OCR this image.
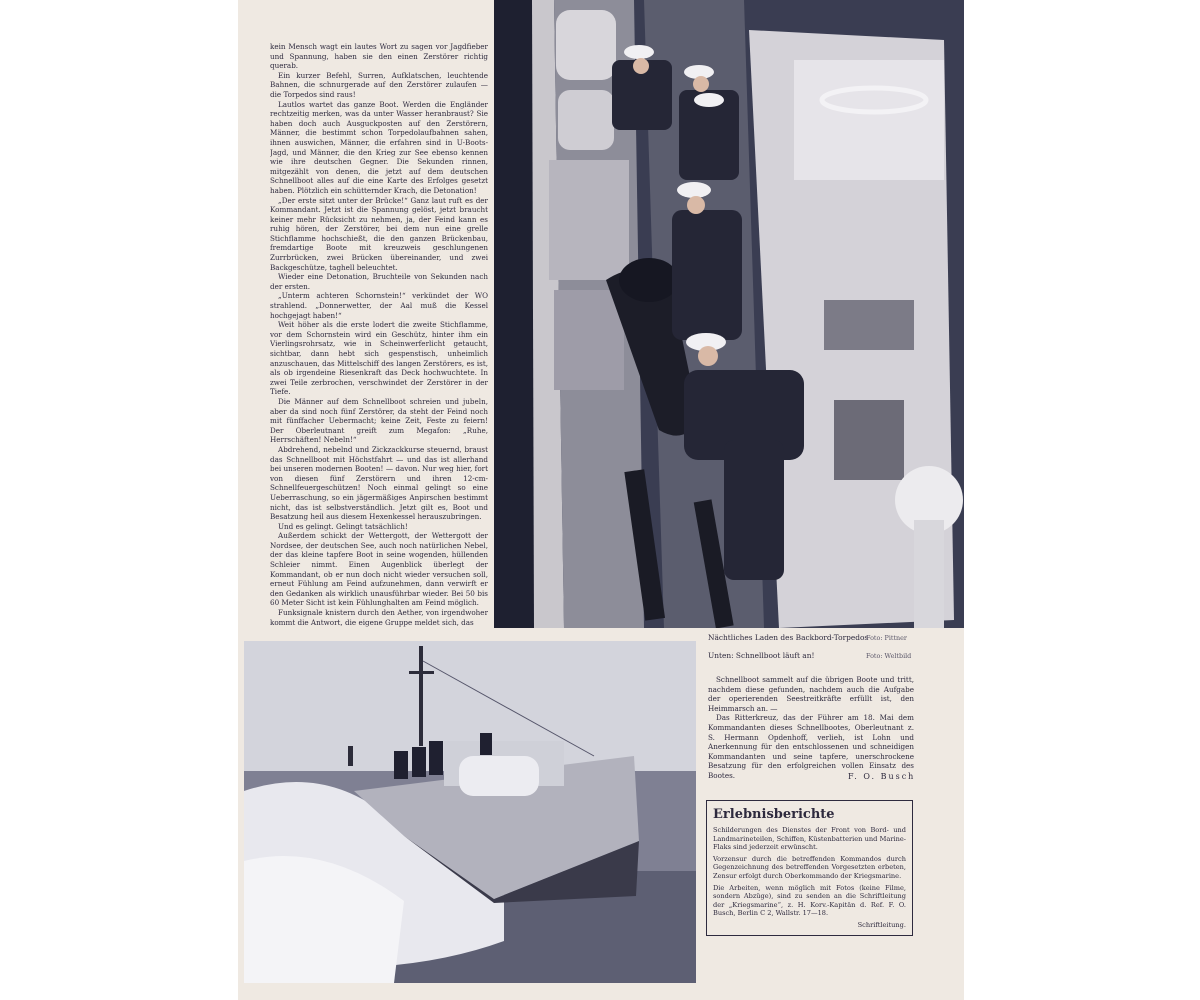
kein Mensch wagt ein lautes Wort zu sagen vor Jagdfieber und Spannung, haben sie den einen Zerstörer richtig querab.

Ein kurzer Befehl, Surren, Aufklatschen, leuchtende Bahnen, die schnurgerade auf den Zerstörer zulaufen — die Torpedos sind raus!

Lautlos wartet das ganze Boot. Werden die Engländer rechtzeitig merken, was da unter Wasser heranbraust? Sie haben doch auch Ausguckposten auf den Zerstörern, Männer, die bestimmt schon Torpedolaufbahnen sahen, ihnen auswichen, Männer, die erfahren sind in U-Boots-Jagd, und Männer, die den Krieg zur See ebenso kennen wie ihre deutschen Gegner. Die Sekunden rinnen, mitgezählt von denen, die jetzt auf dem deutschen Schnellboot alles auf die eine Karte des Erfolges gesetzt haben. Plötzlich ein schütternder Krach, die Detonation!

„Der erste sitzt unter der Brücke!“ Ganz laut ruft es der Kommandant. Jetzt ist die Spannung gelöst, jetzt braucht keiner mehr Rücksicht zu nehmen, ja, der Feind kann es ruhig hören, der Zerstörer, bei dem nun eine grelle Stichflamme hochschießt, die den ganzen Brückenbau, fremdartige Boote mit kreuzweis geschlungenen Zurrbrücken, zwei Brücken übereinander, und zwei Backgeschütze, taghell beleuchtet.

Wieder eine Detonation, Bruchteile von Sekunden nach der ersten.

„Unterm achteren Schornstein!“ verkündet der WO strahlend. „Donnerwetter, der Aal muß die Kessel hochgejagt haben!“

Weit höher als die erste lodert die zweite Stichflamme, vor dem Schornstein wird ein Geschütz, hinter ihm ein Vierlingsrohrsatz, wie in Scheinwerferlicht getaucht, sichtbar, dann hebt sich gespenstisch, unheimlich anzuschauen, das Mittelschiff des langen Zerstörers, es ist, als ob irgendeine Riesenkraft das Deck hochwuchtete. In zwei Teile zerbrochen, verschwindet der Zerstörer in der Tiefe.

Die Männer auf dem Schnellboot schreien und jubeln, aber da sind noch fünf Zerstörer, da steht der Feind noch mit fünffacher Uebermacht; keine Zeit, Feste zu feiern! Der Oberleutnant greift zum Megafon: „Ruhe, Herrschäften! Nebeln!“

Abdrehend, nebelnd und Zickzackkurse steuernd, braust das Schnellboot mit Höchstfahrt — und das ist allerhand bei unseren modernen Booten! — davon. Nur weg hier, fort von diesen fünf Zerstörern und ihren 12-cm-Schnellfeuergeschützen! Noch einmal gelingt so eine Ueberraschung, so ein jägermäßiges Anpirschen bestimmt nicht, das ist selbstverständlich. Jetzt gilt es, Boot und Besatzung heil aus diesem Hexenkessel herauszubringen.

Und es gelingt. Gelingt tatsächlich!

Außerdem schickt der Wettergott, der Wettergott der Nordsee, der deutschen See, auch noch natürlichen Nebel, der das kleine tapfere Boot in seine wogenden, hüllenden Schleier nimmt. Einen Augenblick überlegt der Kommandant, ob er nun doch nicht wieder versuchen soll, erneut Fühlung am Feind aufzunehmen, dann verwirft er den Gedanken als wirklich unausführbar wieder. Bei 50 bis 60 Meter Sicht ist kein Fühlunghalten am Feind möglich.

Funksignale knistern durch den Aether, von irgendwoher kommt die Antwort, die eigene Gruppe meldet sich, das

Nächtliches Laden des Backbord-Torpedos
Foto: Pittner
Unten: Schnellboot läuft an!	Foto: Weltbild

Schnellboot sammelt auf die übrigen Boote und tritt, nachdem diese gefunden, nachdem auch die Aufgabe der operierenden Seestreitkräfte erfüllt ist, den Heimmarsch an. —

Das Ritterkreuz, das der Führer am 18. Mai dem Kommandanten dieses Schnellbootes, Oberleutnant z. S. Hermann Opdenhoff, verlieh, ist Lohn und Anerkennung für den entschlossenen und schneidigen Kommandanten und seine tapfere, unerschrockene Besatzung für den erfolgreichen vollen Einsatz des Bootes.	F. O. Busch
Erlebnisberichte

Schilderungen des Dienstes der Front von Bord- und Landmarineteilen, Schiffen, Küstenbatterien und Marine-Flaks sind jederzeit erwünscht.

Vorzensur durch die betreffenden Kommandos durch Gegenzeichnung des betreffenden Vorgesetzten erbeten, Zensur erfolgt durch Oberkommando der Kriegsmarine.

Die Arbeiten, wenn möglich mit Fotos (keine Filme, sondern Abzüge), sind zu senden an die Schriftleitung der „Kriegsmarine“, z. H. Korv.-Kapitän d. Ref. F. O. Busch, Berlin C 2, Wallstr. 17—18.

Schriftleitung.
